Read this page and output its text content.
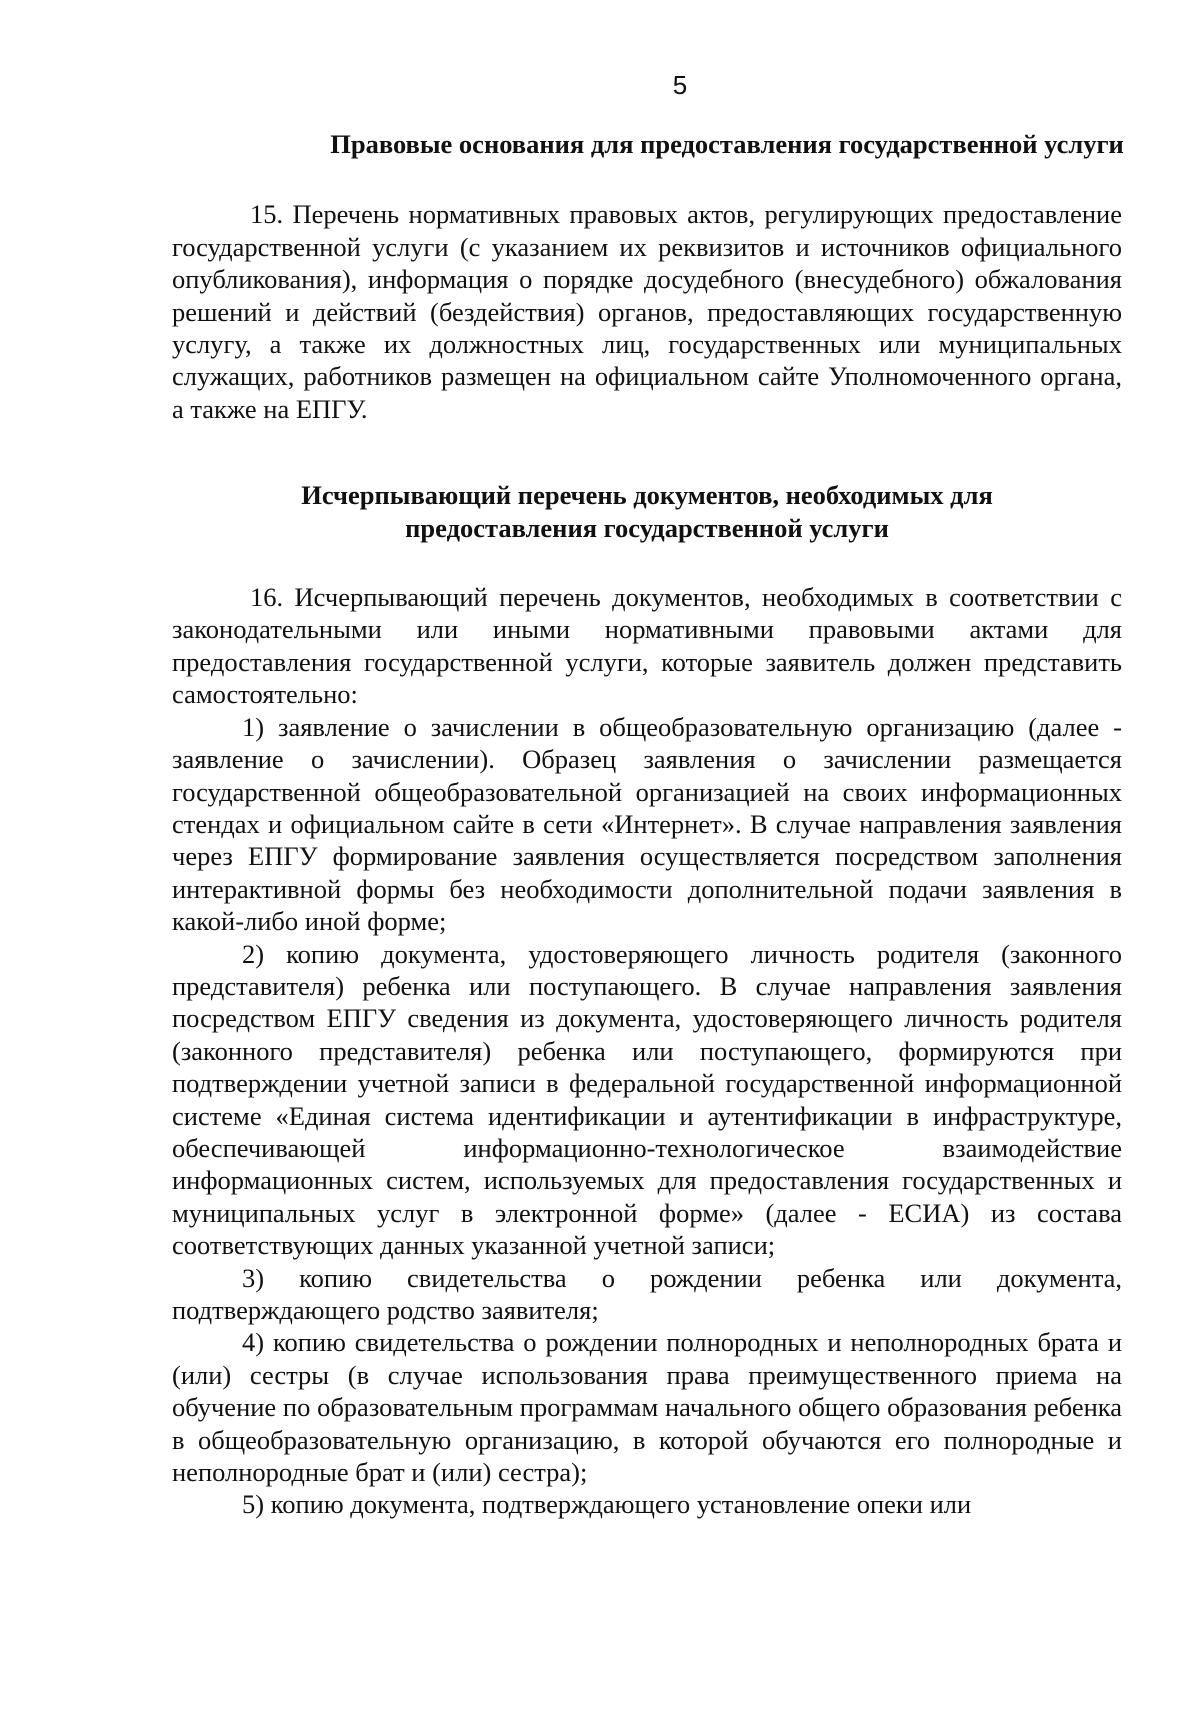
5
Правовые основания для предоставления государственной услуги

15. Перечень нормативных правовых актов, регулирующих предоставление государственной услуги (с указанием их реквизитов и источников официального опубликования), информация о порядке досудебного (внесудебного) обжалования решений и действий (бездействия) органов, предоставляющих государственную услугу, а также их должностных лиц, государственных или муниципальных служащих, работников размещен на официальном сайте Уполномоченного органа, а также на ЕПГУ.

Исчерпывающий перечень документов, необходимых для
предоставления государственной услуги

16. Исчерпывающий перечень документов, необходимых в соответствии с законодательными или иными нормативными правовыми актами для предоставления государственной услуги, которые заявитель должен представить самостоятельно:

1) заявление о зачислении в общеобразовательную организацию (далее - заявление о зачислении). Образец заявления о зачислении размещается государственной общеобразовательной организацией на своих информационных стендах и официальном сайте в сети «Интернет». В случае направления заявления через ЕПГУ формирование заявления осуществляется посредством заполнения интерактивной формы без необходимости дополнительной подачи заявления в какой-либо иной форме;

2) копию документа, удостоверяющего личность родителя (законного представителя) ребенка или поступающего. В случае направления заявления посредством ЕПГУ сведения из документа, удостоверяющего личность родителя (законного представителя) ребенка или поступающего, формируются при подтверждении учетной записи в федеральной государственной информационной системе «Единая система идентификации и аутентификации в инфраструктуре, обеспечивающей информационно-технологическое взаимодействие информационных систем, используемых для предоставления государственных и муниципальных услуг в электронной форме» (далее - ЕСИА) из состава соответствующих данных указанной учетной записи;

3) копию свидетельства о рождении ребенка или документа, подтверждающего родство заявителя;

4) копию свидетельства о рождении полнородных и неполнородных брата и (или) сестры (в случае использования права преимущественного приема на обучение по образовательным программам начального общего образования ребенка в общеобразовательную организацию, в которой обучаются его полнородные и неполнородные брат и (или) сестра);

5) копию документа, подтверждающего установление опеки или
